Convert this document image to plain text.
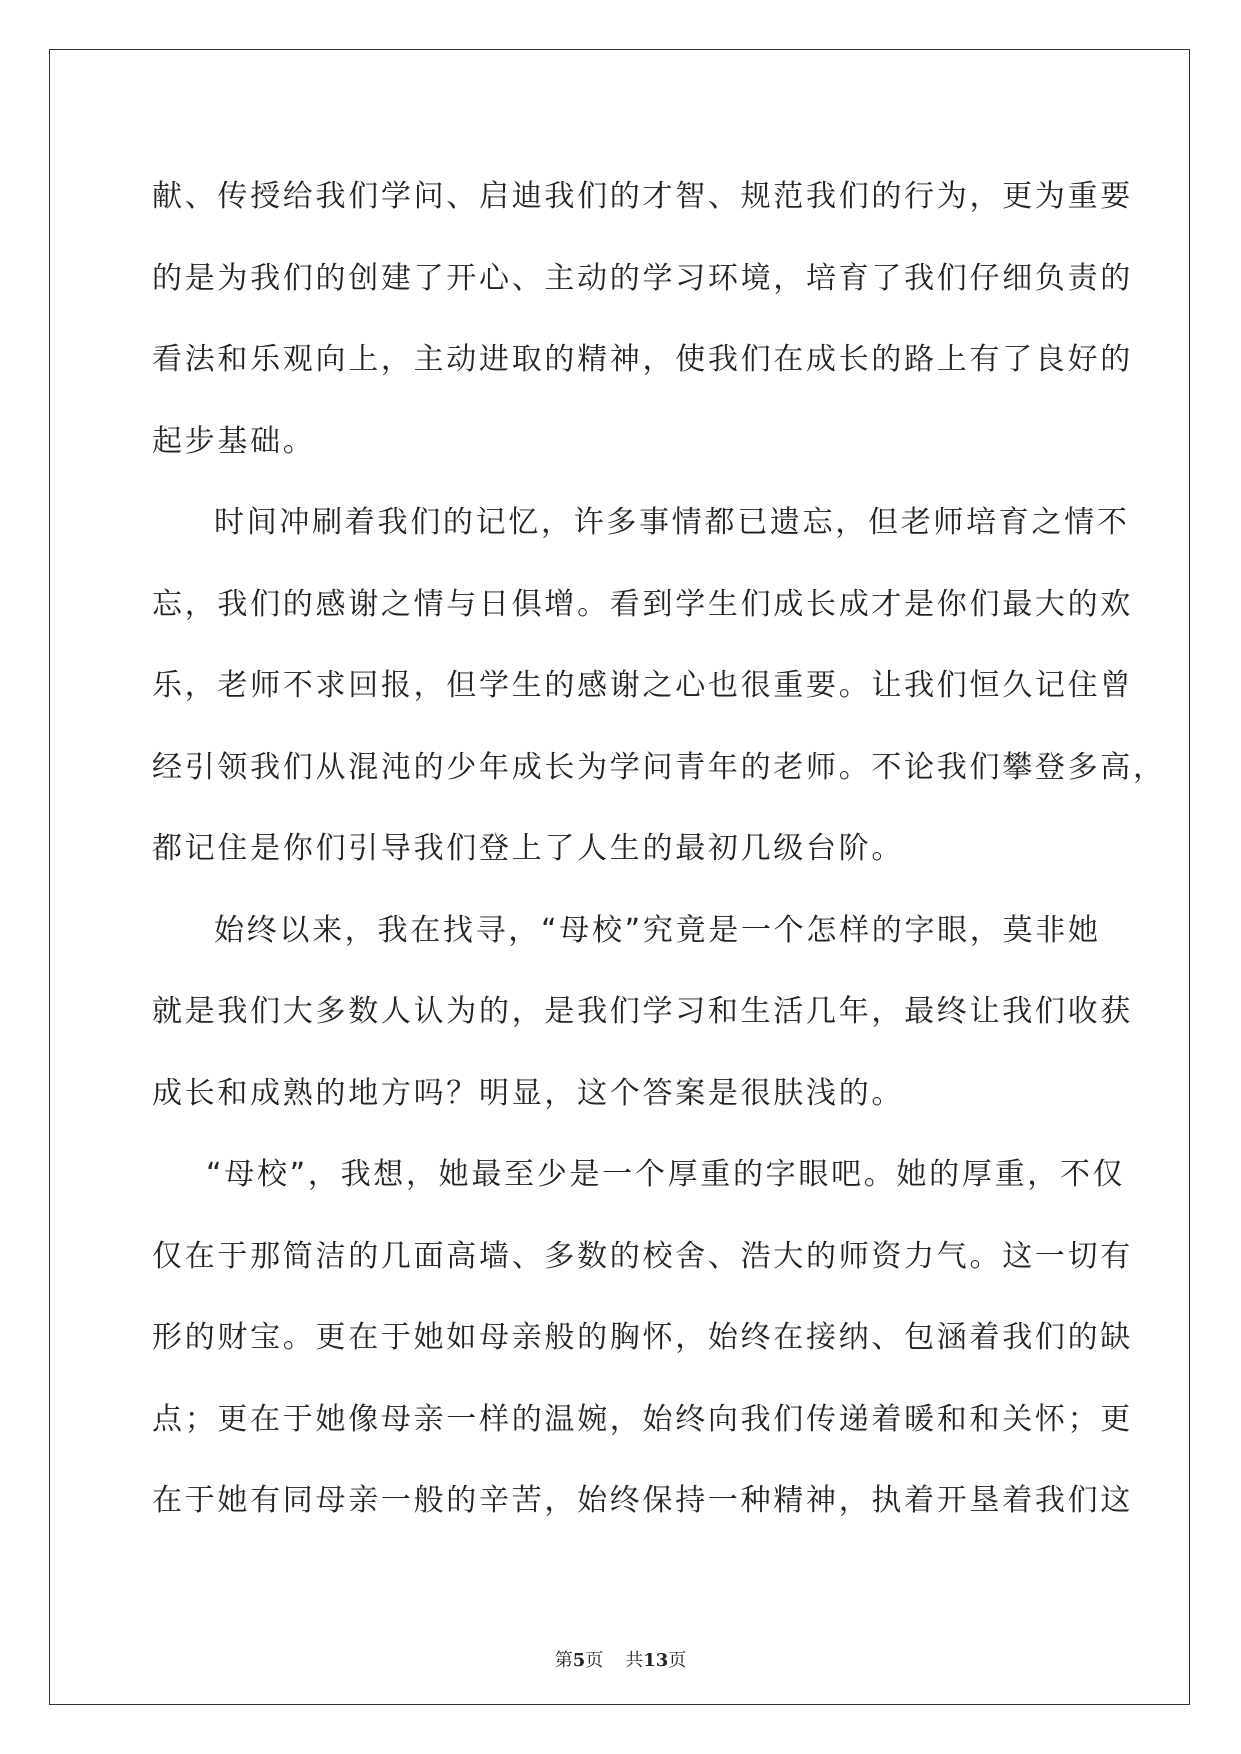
献、传授给我们学问、启迪我们的才智、规范我们的行为，更为重要
的是为我们的创建了开心、主动的学习环境，培育了我们仔细负责的
看法和乐观向上，主动进取的精神，使我们在成长的路上有了良好的
起步基础。
时间冲刷着我们的记忆，许多事情都已遗忘，但老师培育之情不
忘，我们的感谢之情与日俱增。看到学生们成长成才是你们最大的欢
乐，老师不求回报，但学生的感谢之心也很重要。让我们恒久记住曾
经引领我们从混沌的少年成长为学问青年的老师。不论我们攀登多高，
都记住是你们引导我们登上了人生的最初几级台阶。
始终以来，我在找寻，“母校”究竟是一个怎样的字眼，莫非她
就是我们大多数人认为的，是我们学习和生活几年，最终让我们收获
成长和成熟的地方吗？明显，这个答案是很肤浅的。
“母校”，我想，她最至少是一个厚重的字眼吧。她的厚重，不仅
仅在于那简洁的几面高墙、多数的校舍、浩大的师资力气。这一切有
形的财宝。更在于她如母亲般的胸怀，始终在接纳、包涵着我们的缺
点；更在于她像母亲一样的温婉，始终向我们传递着暖和和关怀；更
在于她有同母亲一般的辛苦，始终保持一种精神，执着开垦着我们这
第5页 共13页
